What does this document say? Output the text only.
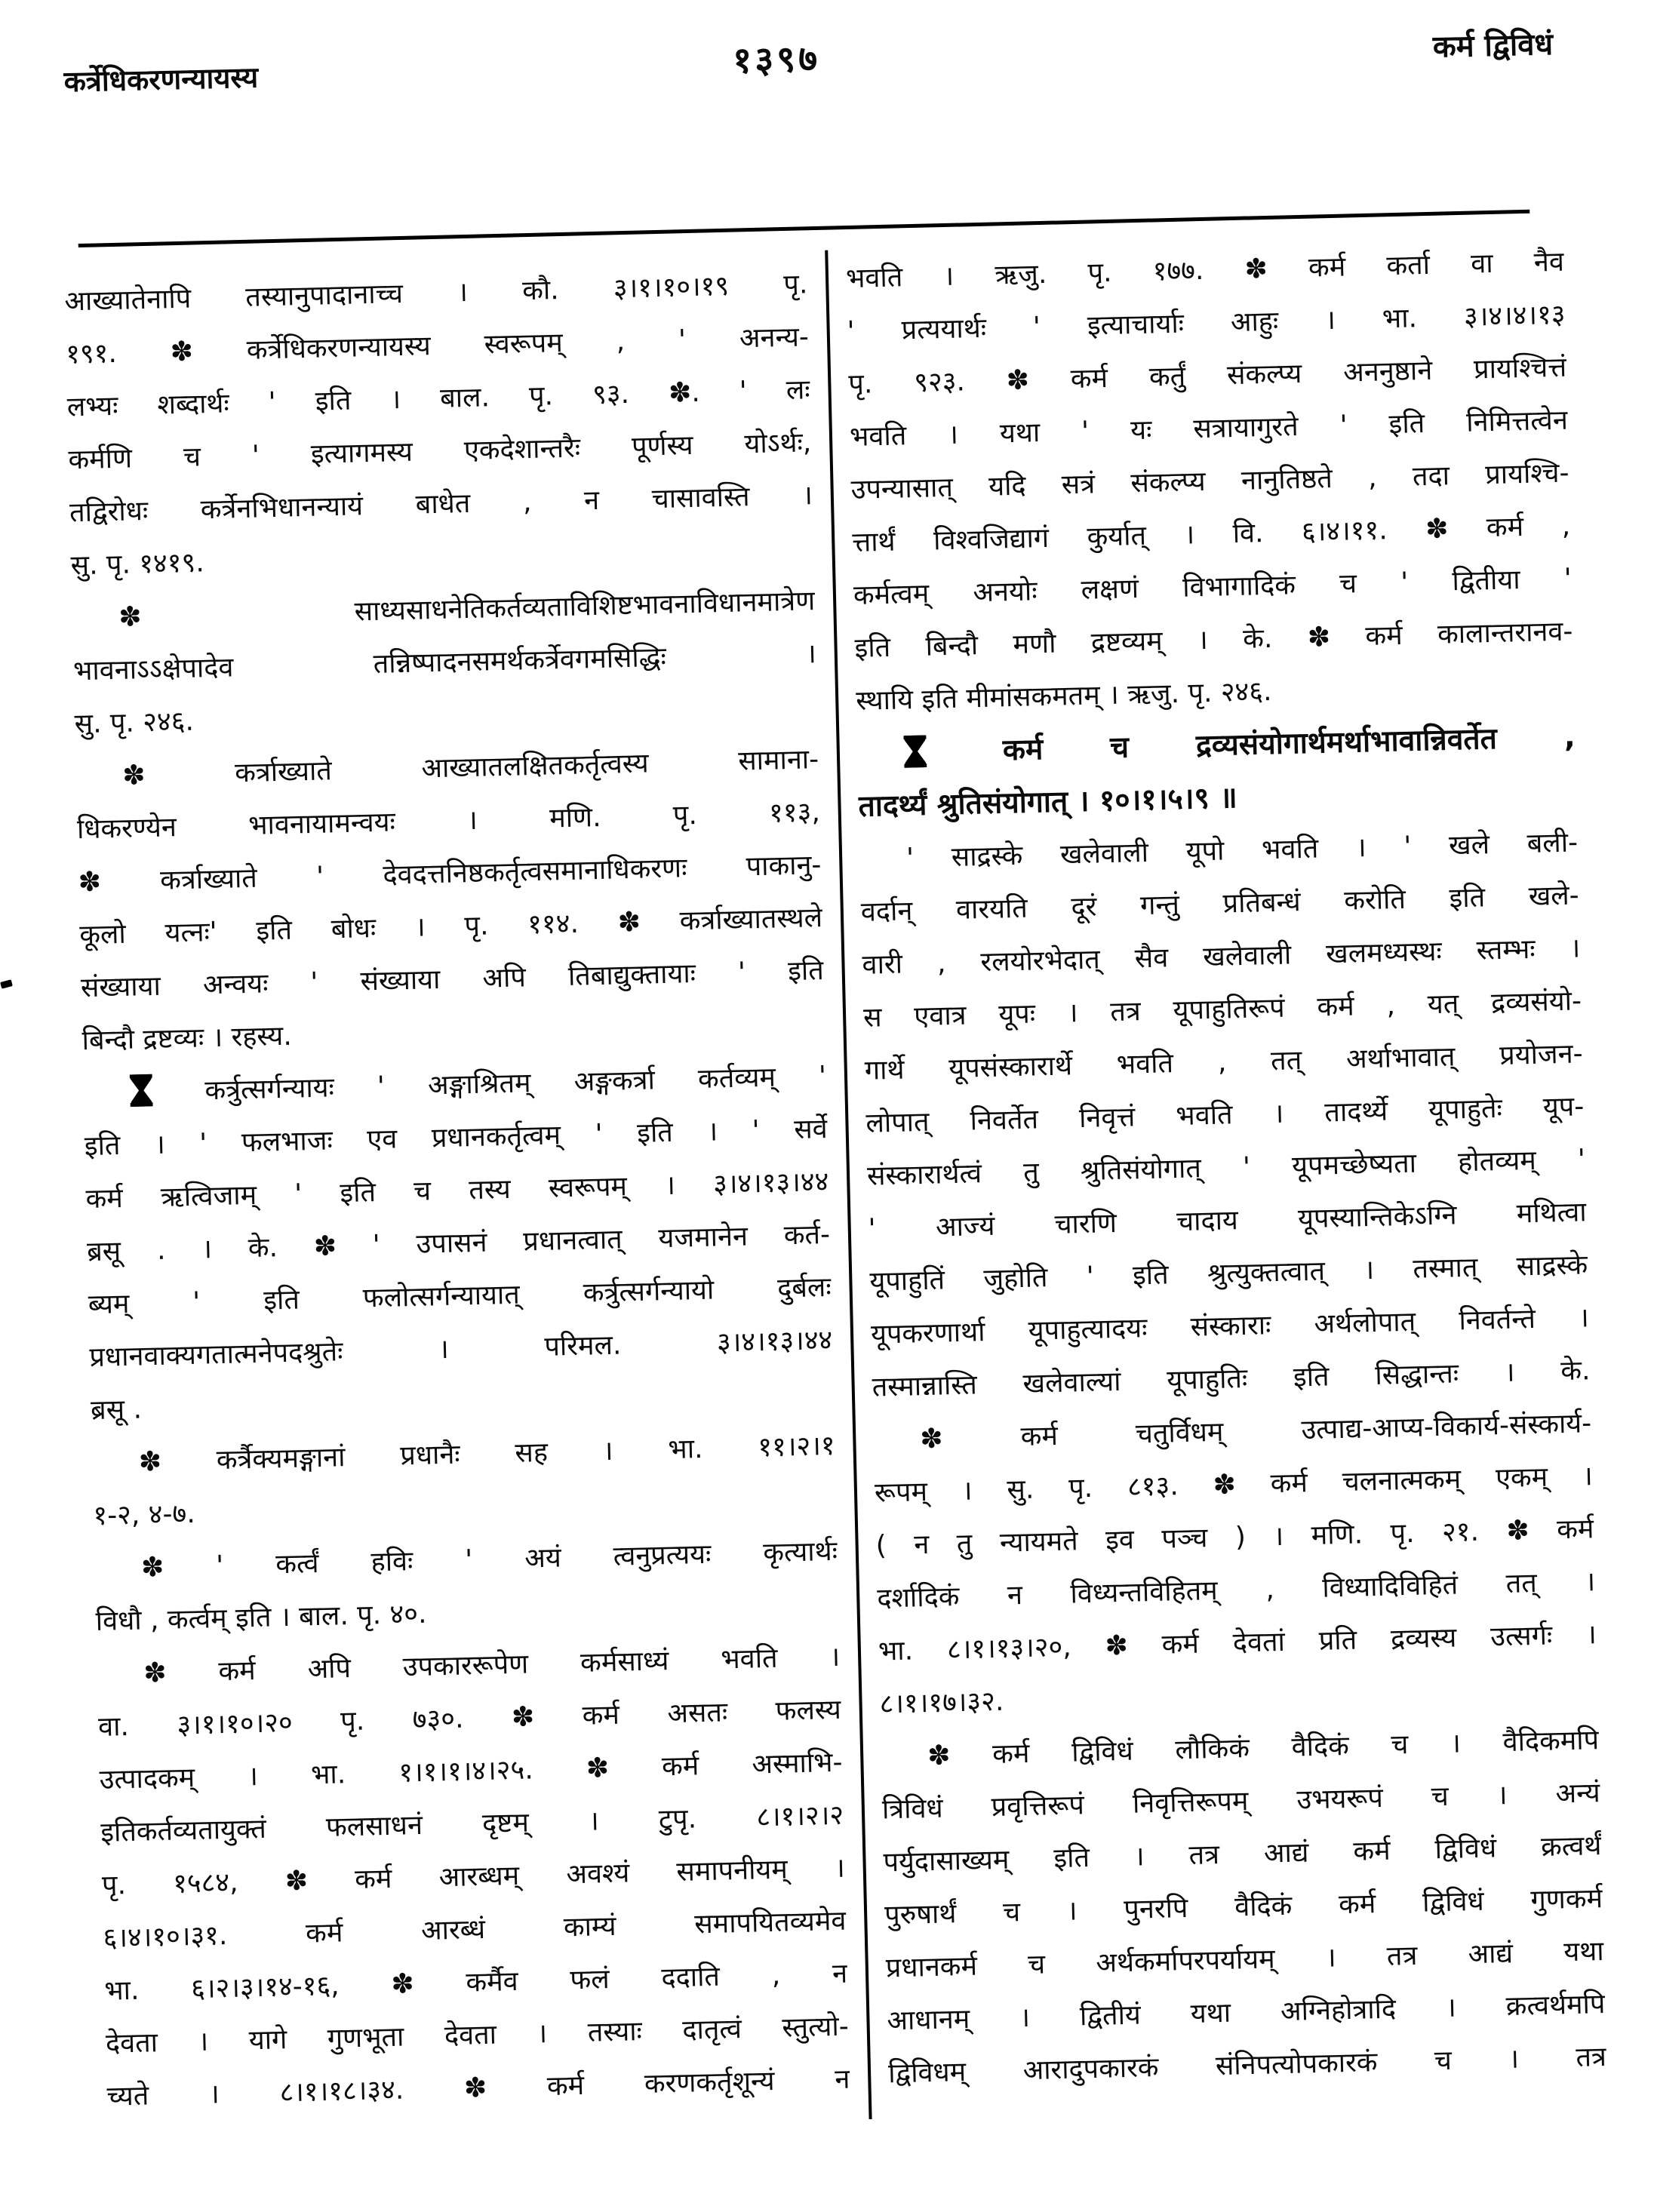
कर्त्रेधिकरणन्यायस्य	१३९७	कर्म द्विविधं
आख्यातेनापि तस्यानुपादानाच्च । कौ. ३।१।१०।१९ पृ.
१९१. ✽ कर्त्रेधिकरणन्यायस्य स्वरूपम् , ' अनन्य-
लभ्यः शब्दार्थः ' इति । बाल. पृ. ९३. ✽. ' लः
कर्मणि च ' इत्यागमस्य एकदेशान्तरैः पूर्णस्य योऽर्थः,
तद्विरोधः कर्त्रेनभिधानन्यायं बाधेत , न चासावस्ति ।
सु. पृ. १४१९.
✽ साध्यसाधनेतिकर्तव्यताविशिष्टभावनाविधानमात्रेण
भावनाऽऽक्षेपादेव तन्निष्पादनसमर्थकर्त्रेवगमसिद्धिः ।
सु. पृ. २४६.
✽ कर्त्राख्याते आख्यातलक्षितकर्तृत्वस्य सामाना-
धिकरण्येन भावनायामन्वयः । मणि. पृ. ११३,
✽ कर्त्राख्याते ' देवदत्तनिष्ठकर्तृत्वसमानाधिकरणः पाकानु-
कूलो यत्नः' इति बोधः । पृ. ११४. ✽ कर्त्राख्यातस्थले
संख्याया अन्वयः ' संख्याया अपि तिबाद्युक्तायाः ' इति
बिन्दौ द्रष्टव्यः । रहस्य.
कर्त्रुत्सर्गन्यायः ' अङ्गाश्रितम् अङ्गकर्त्रा कर्तव्यम् '
इति । ' फलभाजः एव प्रधानकर्तृत्वम् ' इति । ' सर्वे
कर्म ऋत्विजाम् ' इति च तस्य स्वरूपम् । ३।४।१३।४४
ब्रसू . । के. ✽ ' उपासनं प्रधानत्वात् यजमानेन कर्त-
ब्यम् ' इति फलोत्सर्गन्यायात् कर्त्रुत्सर्गन्यायो दुर्बलः
प्रधानवाक्यगतात्मनेपदश्रुतेः । परिमल. ३।४।१३।४४
ब्रसू .
✽ कर्त्रैक्यमङ्गानां प्रधानैः सह । भा. ११।२।१
१-२, ४-७.
✽ ' कर्त्वं हविः ' अयं त्वनुप्रत्ययः कृत्यार्थः
विधौ , कर्त्वम् इति । बाल. पृ. ४०.
✽ कर्म अपि उपकाररूपेण कर्मसाध्यं भवति ।
वा. ३।१।१०।२० पृ. ७३०. ✽ कर्म असतः फलस्य
उत्पादकम् । भा. १।१।१।४।२५. ✽ कर्म अस्माभि-
इतिकर्तव्यतायुक्तं फलसाधनं दृष्टम् । टुपृ. ८।१।२।२
पृ. १५८४, ✽ कर्म आरब्धम् अवश्यं समापनीयम् ।
६।४।१०।३१. कर्म आरब्धं काम्यं समापयितव्यमेव
भा. ६।२।३।१४-१६, ✽ कर्मैव फलं ददाति , न
देवता । यागे गुणभूता देवता । तस्याः दातृत्वं स्तुत्यो-
च्यते । ८।१।१८।३४. ✽ कर्म करणकर्तृशून्यं न
भवति । ऋजु. पृ. १७७. ✽ कर्म कर्ता वा नैव
' प्रत्ययार्थः ' इत्याचार्याः आहुः । भा. ३।४।४।१३
पृ. ९२३. ✽ कर्म कर्तुं संकल्प्य अननुष्ठाने प्रायश्चित्तं
भवति । यथा ' यः सत्रायागुरते ' इति निमित्तत्वेन
उपन्यासात् यदि सत्रं संकल्प्य नानुतिष्ठते , तदा प्रायश्चि-
त्तार्थं विश्वजिद्यागं कुर्यात् । वि. ६।४।११. ✽ कर्म ,
कर्मत्वम् अनयोः लक्षणं विभागादिकं च ' द्वितीया '
इति बिन्दौ मणौ द्रष्टव्यम् । के. ✽ कर्म कालान्तरानव-
स्थायि इति मीमांसकमतम् । ऋजु. पृ. २४६.
कर्म च द्रव्यसंयोगार्थमर्थाभावान्निवर्तेत ,
तादर्थ्यं श्रुतिसंयोगात् । १०।१।५।९ ॥
' साद्रस्के खलेवाली यूपो भवति । ' खले बली-
वर्दान् वारयति दूरं गन्तुं प्रतिबन्धं करोति इति खले-
वारी , रलयोरभेदात् सैव खलेवाली खलमध्यस्थः स्तम्भः ।
स एवात्र यूपः । तत्र यूपाहुतिरूपं कर्म , यत् द्रव्यसंयो-
गार्थे यूपसंस्कारार्थे भवति , तत् अर्थाभावात् प्रयोजन-
लोपात् निवर्तेत निवृत्तं भवति । तादर्थ्ये यूपाहुतेः यूप-
संस्कारार्थत्वं तु श्रुतिसंयोगात् ' यूपमच्छेष्यता होतव्यम् '
' आज्यं चारणि चादाय यूपस्यान्तिकेऽग्नि मथित्वा
यूपाहुतिं जुहोति ' इति श्रुत्युक्तत्वात् । तस्मात् साद्रस्के
यूपकरणार्था यूपाहुत्यादयः संस्काराः अर्थलोपात् निवर्तन्ते ।
तस्मान्नास्ति खलेवाल्यां यूपाहुतिः इति सिद्धान्तः । के.
✽ कर्म चतुर्विधम् उत्पाद्य-आप्य-विकार्य-संस्कार्य-
रूपम् । सु. पृ. ८१३. ✽ कर्म चलनात्मकम् एकम् ।
( न तु न्यायमते इव पञ्च ) । मणि. पृ. २१. ✽ कर्म
दर्शादिकं न विध्यन्तविहितम् , विध्यादिविहितं तत् ।
भा. ८।१।१३।२०, ✽ कर्म देवतां प्रति द्रव्यस्य उत्सर्गः ।
८।१।१७।३२.
✽ कर्म द्विविधं लौकिकं वैदिकं च । वैदिकमपि
त्रिविधं प्रवृत्तिरूपं निवृत्तिरूपम् उभयरूपं च । अन्यं
पर्युदासाख्यम् इति । तत्र आद्यं कर्म द्विविधं क्रत्वर्थं
पुरुषार्थं च । पुनरपि वैदिकं कर्म द्विविधं गुणकर्म
प्रधानकर्म च अर्थकर्मापरपर्यायम् । तत्र आद्यं यथा
आधानम् । द्वितीयं यथा अग्निहोत्रादि । क्रत्वर्थमपि
द्विविधम् आरादुपकारकं संनिपत्योपकारकं च । तत्र
